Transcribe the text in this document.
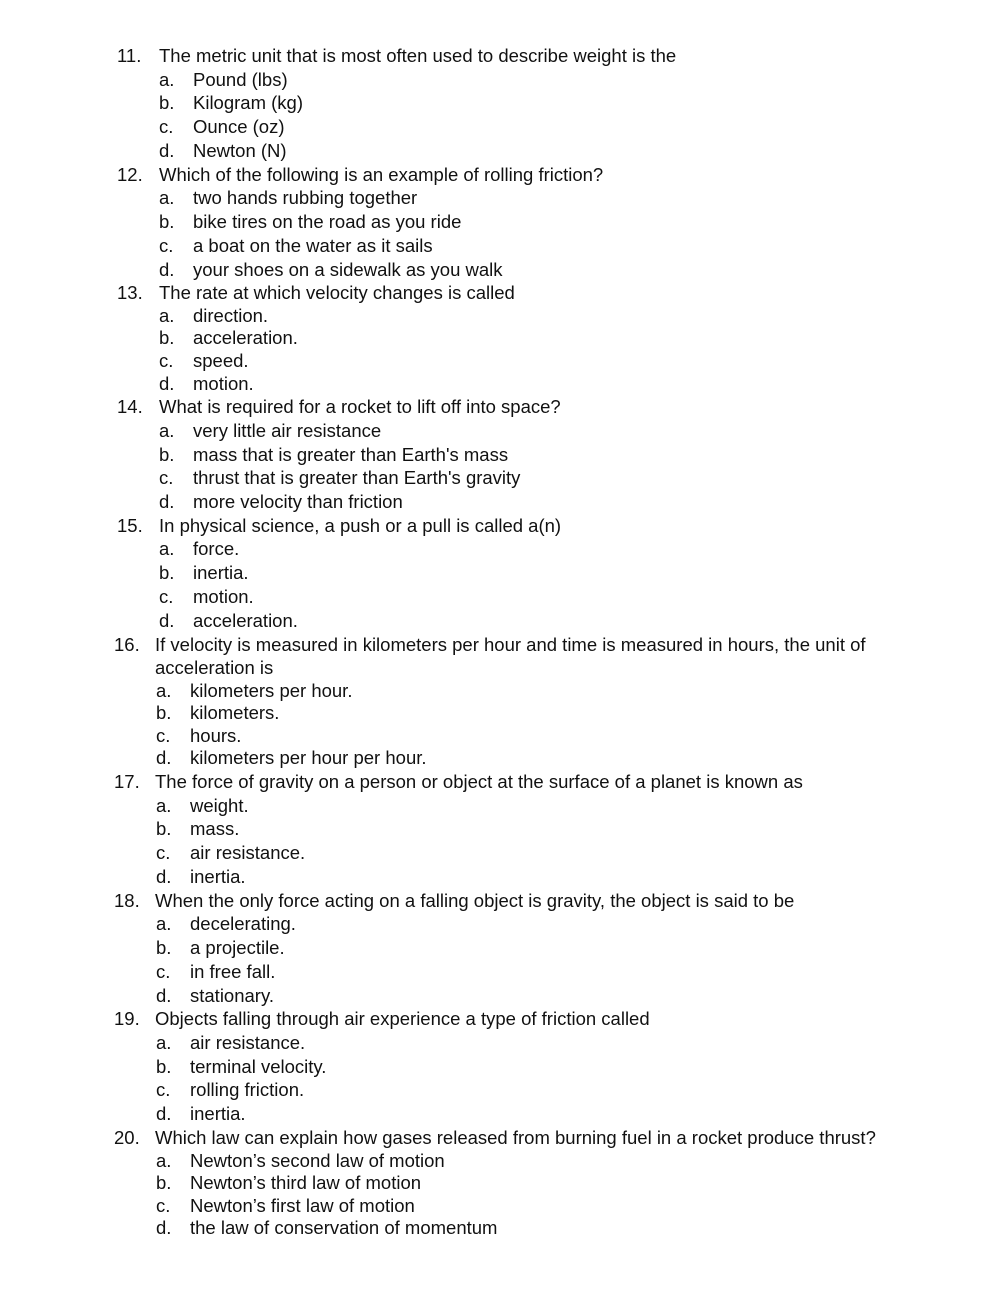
11. The metric unit that is most often used to describe weight is the
a.	Pound (lbs)
b.	Kilogram (kg)
c.	Ounce (oz)
d.	Newton (N)
12. Which of the following is an example of rolling friction?
a.	two hands rubbing together
b.	bike tires on the road as you ride
c.	a boat on the water as it sails
d.	your shoes on a sidewalk as you walk
13. The rate at which velocity changes is called
a.	direction.
b.	acceleration.
c.	speed.
d.	motion.
14. What is required for a rocket to lift off into space?
a.	very little air resistance
b.	mass that is greater than Earth's mass
c.	thrust that is greater than Earth's gravity
d.	more velocity than friction
15. In physical science, a push or a pull is called a(n)
a.	force.
b.	inertia.
c.	motion.
d.	acceleration.
16. If velocity is measured in kilometers per hour and time is measured in hours, the unit of acceleration is
a.	kilometers per hour.
b.	kilometers.
c.	hours.
d.	kilometers per hour per hour.
17. The force of gravity on a person or object at the surface of a planet is known as
a.	weight.
b.	mass.
c.	air resistance.
d.	inertia.
18. When the only force acting on a falling object is gravity, the object is said to be
a.	decelerating.
b.	a projectile.
c.	in free fall.
d.	stationary.
19. Objects falling through air experience a type of friction called
a.	air resistance.
b.	terminal velocity.
c.	rolling friction.
d.	inertia.
20. Which law can explain how gases released from burning fuel in a rocket produce thrust?
a.	Newton’s second law of motion
b.	Newton’s third law of motion
c.	Newton’s first law of motion
d.	the law of conservation of momentum
